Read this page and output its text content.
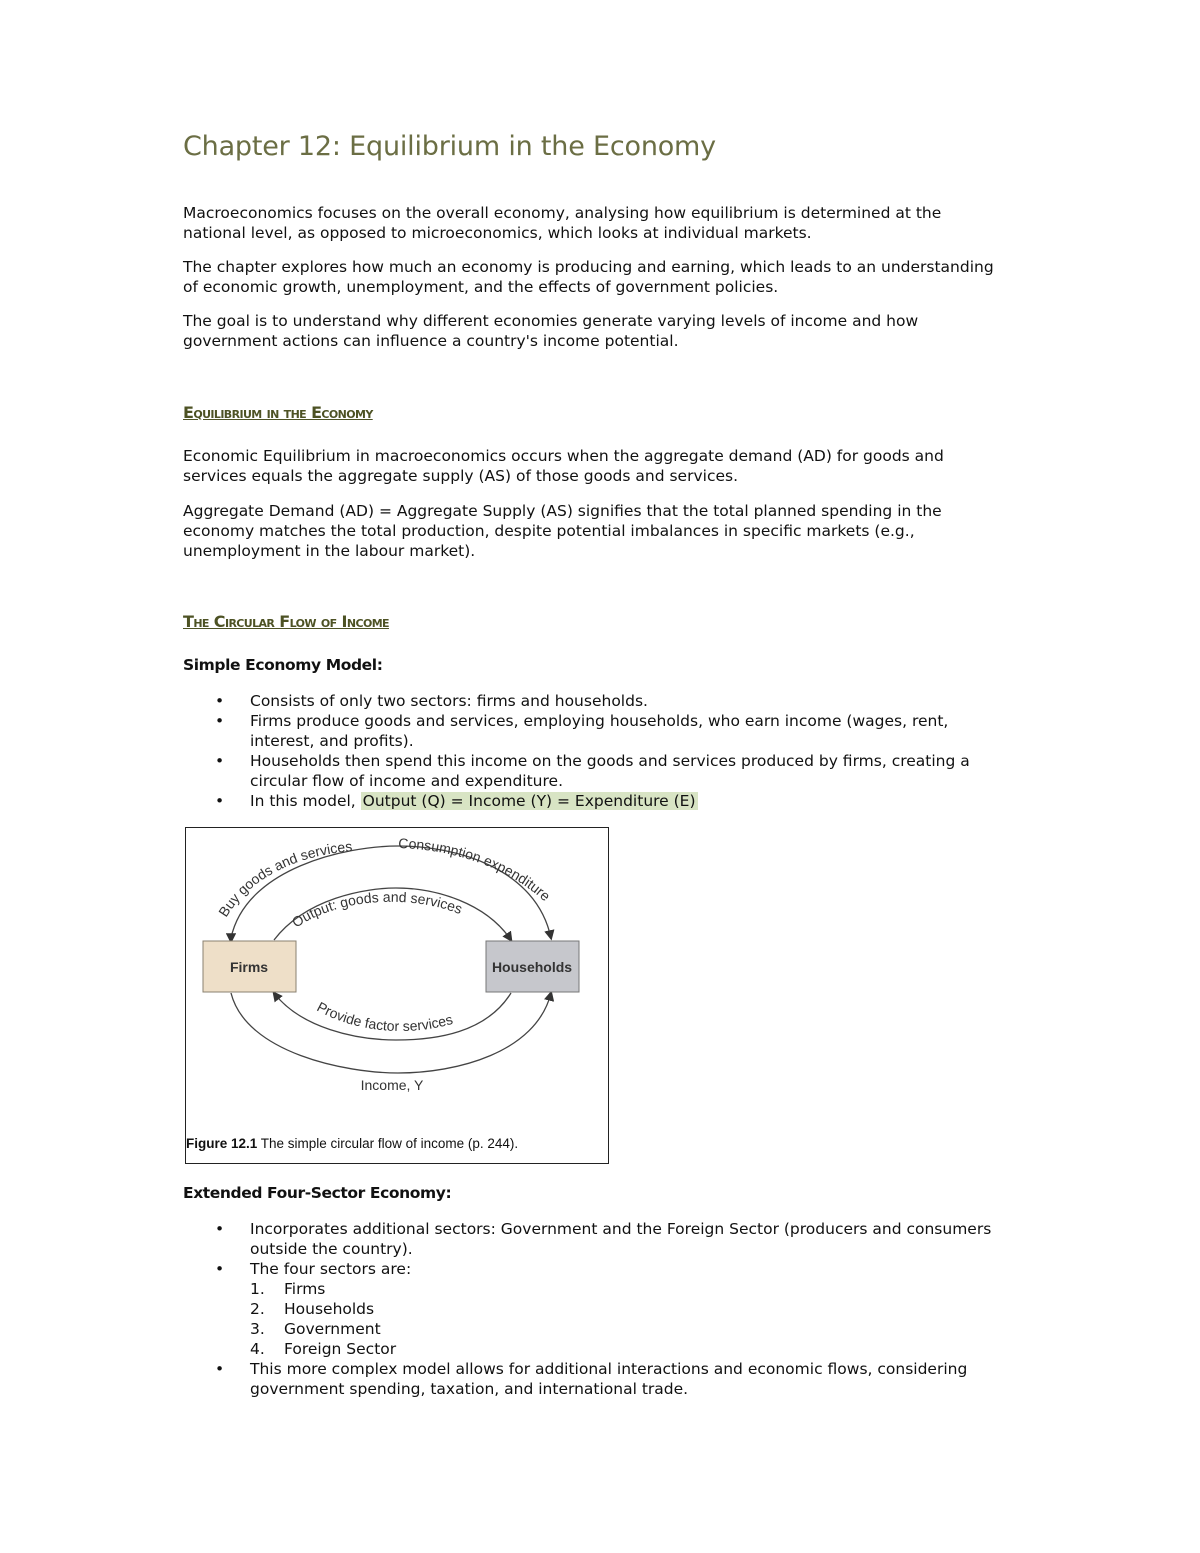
Chapter 12: Equilibrium in the Economy

Macroeconomics focuses on the overall economy, analysing how equilibrium is determined at the national level, as opposed to microeconomics, which looks at individual markets.

The chapter explores how much an economy is producing and earning, which leads to an understanding of economic growth, unemployment, and the effects of government policies.

The goal is to understand why different economies generate varying levels of income and how government actions can influence a country's income potential.

Equilibrium in the Economy

Economic Equilibrium in macroeconomics occurs when the aggregate demand (AD) for goods and services equals the aggregate supply (AS) of those goods and services.

Aggregate Demand (AD) = Aggregate Supply (AS) signifies that the total planned spending in the economy matches the total production, despite potential imbalances in specific markets (e.g., unemployment in the labour market).

The Circular Flow of Income

Simple Economy Model:

• Consists of only two sectors: firms and households.
• Firms produce goods and services, employing households, who earn income (wages, rent, interest, and profits).
• Households then spend this income on the goods and services produced by firms, creating a circular flow of income and expenditure.
• In this model, Output (Q) = Income (Y) = Expenditure (E)
Firms	Households
Buy goods and services	Consumption expenditure
Output: goods and services
Provide factor services
Income, Y

Figure 12.1 The simple circular flow of income (p. 244).

Extended Four-Sector Economy:

• Incorporates additional sectors: Government and the Foreign Sector (producers and consumers outside the country).
• The four sectors are:
1. Firms
2. Households
3. Government
4. Foreign Sector
• This more complex model allows for additional interactions and economic flows, considering government spending, taxation, and international trade.
